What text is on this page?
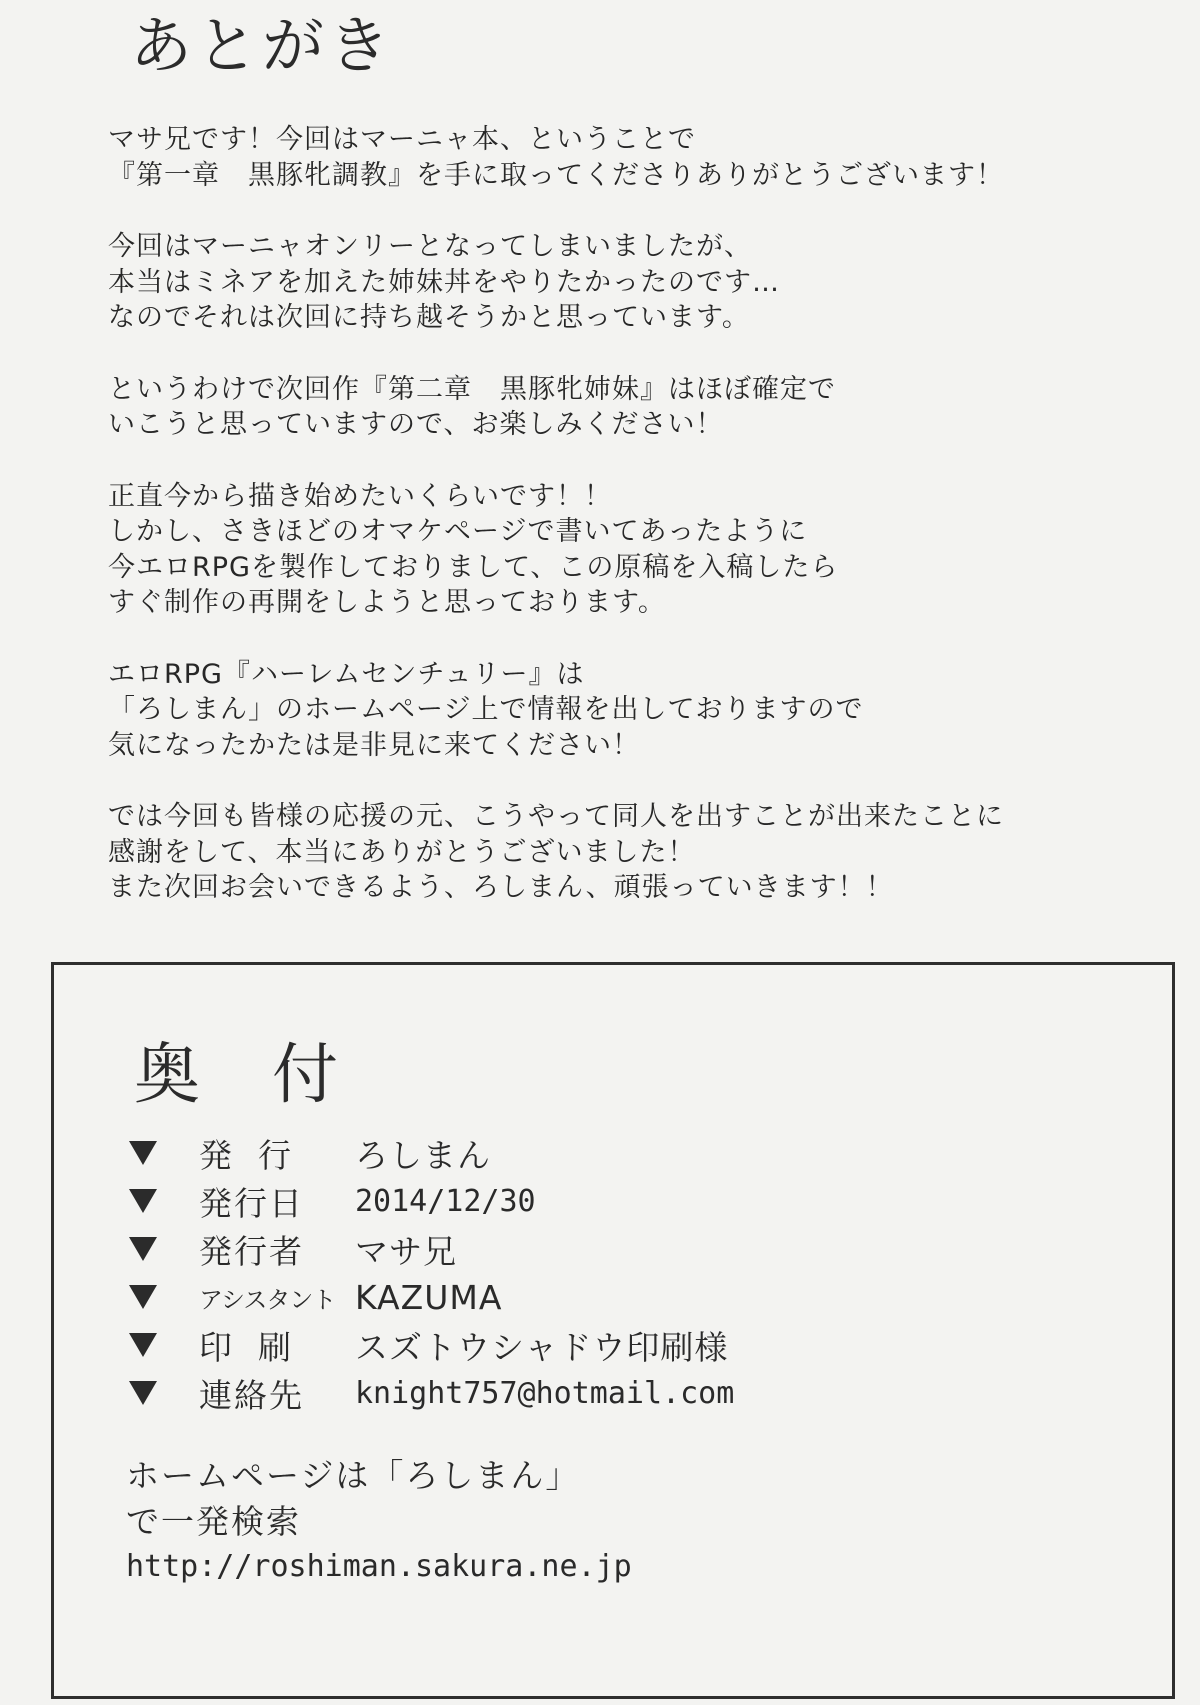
あとがき
マサ兄です！今回はマーニャ本、ということで
『第一章　黒豚牝調教』を手に取ってくださりありがとうございます！
今回はマーニャオンリーとなってしまいましたが、
本当はミネアを加えた姉妹丼をやりたかったのです…
なのでそれは次回に持ち越そうかと思っています。
というわけで次回作『第二章　黒豚牝姉妹』はほぼ確定で
いこうと思っていますので、お楽しみください！
正直今から描き始めたいくらいです！！
しかし、さきほどのオマケページで書いてあったように
今エロRPGを製作しておりまして、この原稿を入稿したら
すぐ制作の再開をしようと思っております。
エロRPG『ハーレムセンチュリー』は
「ろしまん」のホームページ上で情報を出しておりますので
気になったかたは是非見に来てください！
では今回も皆様の応援の元、こうやって同人を出すことが出来たことに
感謝をして、本当にありがとうございました！
また次回お会いできるよう、ろしまん、頑張っていきます！！
奥付
発行	ろしまん
発行日	2014/12/30
発行者	マサ兄
アシスタント KAZUMA
印刷	スズトウシャドウ印刷様
連絡先	knight757@hotmail.com
ホームページは「ろしまん」
で一発検索
http://roshiman.sakura.ne.jp
